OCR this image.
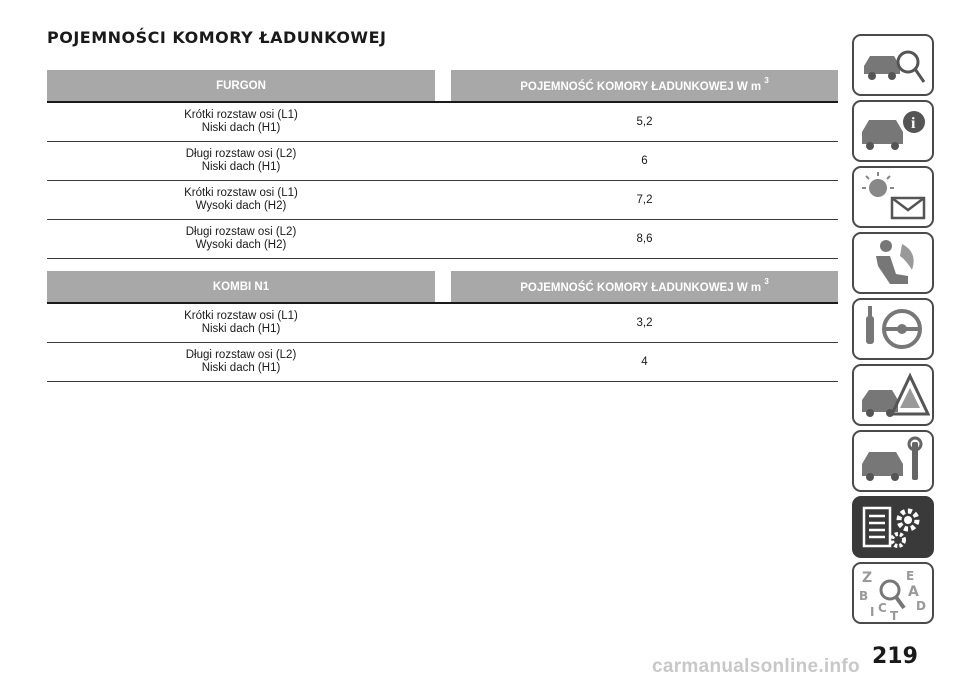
POJEMNOŚCI KOMORY ŁADUNKOWEJ
FURGON		POJEMNOŚĆ KOMORY ŁADUNKOWEJ W m $^3$
Krótki rozstaw osi (L1)
Niski dach (H1)		5,2
Długi rozstaw osi (L2)
Niski dach (H1)		6
Krótki rozstaw osi (L1)
Wysoki dach (H2)		7,2
Długi rozstaw osi (L2)
Wysoki dach (H2)		8,6
KOMBI N1		POJEMNOŚĆ KOMORY ŁADUNKOWEJ W m $^3$
Krótki rozstaw osi (L1)
Niski dach (H1)		3,2
Długi rozstaw osi (L2)
Niski dach (H1)		4
i
Z	E
A
B
C D
T
I
219
carmanualsonline.info
